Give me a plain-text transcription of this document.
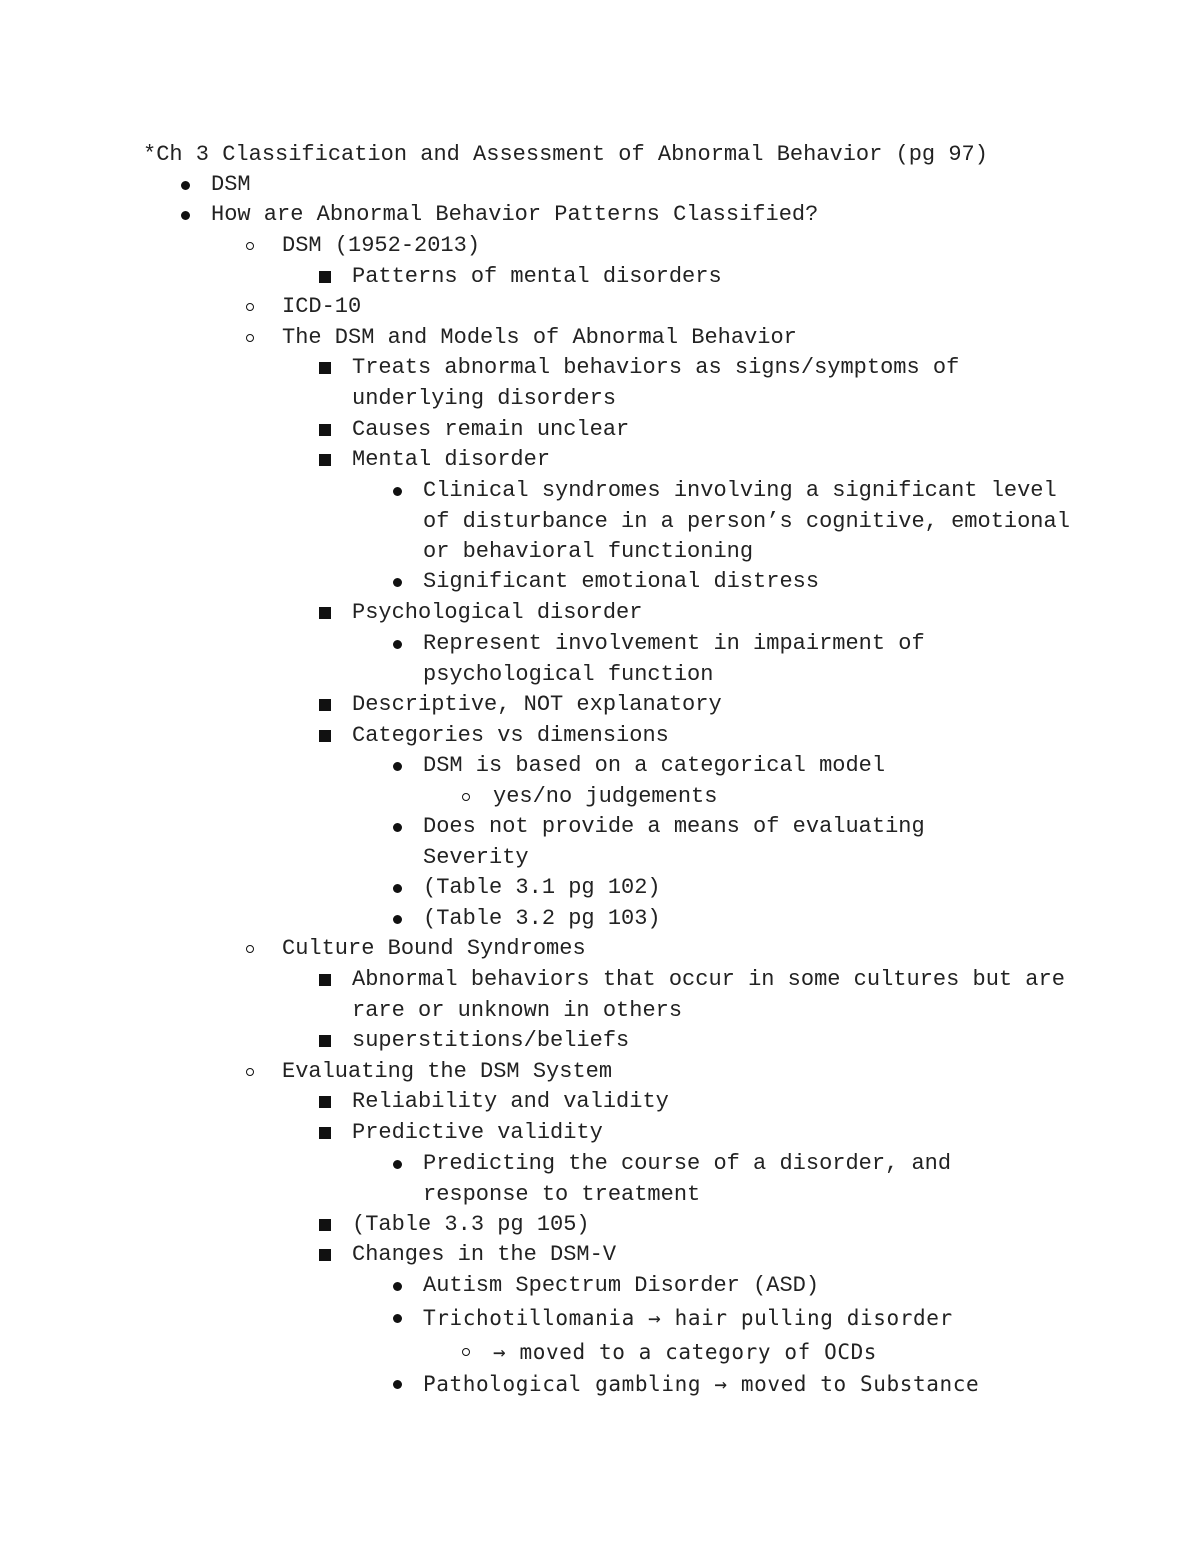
*Ch 3 Classification and Assessment of Abnormal Behavior (pg 97)
DSM
How are Abnormal Behavior Patterns Classified?
DSM (1952-2013)
Patterns of mental disorders
ICD-10
The DSM and Models of Abnormal Behavior
Treats abnormal behaviors as signs/symptoms of underlying disorders
Causes remain unclear
Mental disorder
Clinical syndromes involving a significant level of disturbance in a person’s cognitive, emotional or behavioral functioning
Significant emotional distress
Psychological disorder
Represent involvement in impairment of psychological function
Descriptive, NOT explanatory
Categories vs dimensions
DSM is based on a categorical model
yes/no judgements
Does not provide a means of evaluating Severity
(Table 3.1 pg 102)
(Table 3.2 pg 103)
Culture Bound Syndromes
Abnormal behaviors that occur in some cultures but are rare or unknown in others
superstitions/beliefs
Evaluating the DSM System
Reliability and validity
Predictive validity
Predicting the course of a disorder, and response to treatment
(Table 3.3 pg 105)
Changes in the DSM-V
Autism Spectrum Disorder (ASD)
Trichotillomania → hair pulling disorder
→ moved to a category of OCDs
Pathological gambling → moved to Substance
